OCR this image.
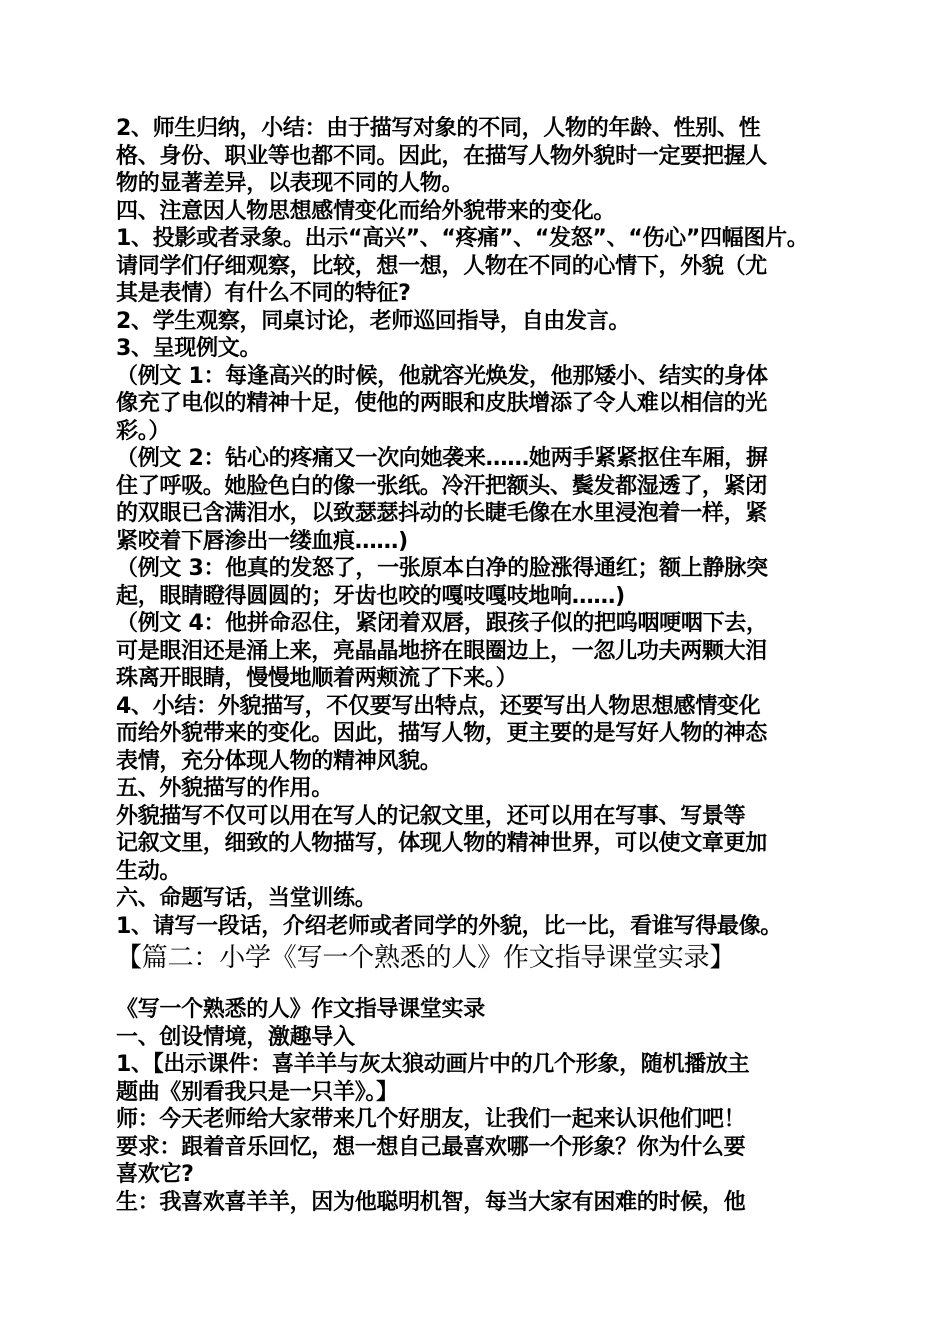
2、师生归纳，小结：由于描写对象的不同，人物的年龄、性别、性
格、身份、职业等也都不同。因此，在描写人物外貌时一定要把握人
物的显著差异，以表现不同的人物。
四、注意因人物思想感情变化而给外貌带来的变化。
1、投影或者录象。出示“高兴”、“疼痛”、“发怒”、“伤心”四幅图片。
请同学们仔细观察，比较，想一想，人物在不同的心情下，外貌（尤
其是表情）有什么不同的特征?
2、学生观察，同桌讨论，老师巡回指导，自由发言。
3、呈现例文。
（例文 1：每逢高兴的时候，他就容光焕发，他那矮小、结实的身体
像充了电似的精神十足，使他的两眼和皮肤增添了令人难以相信的光
彩。）
（例文 2：钻心的疼痛又一次向她袭来……她两手紧紧抠住车厢，摒
住了呼吸。她脸色白的像一张纸。冷汗把额头、鬓发都湿透了，紧闭
的双眼已含满泪水，以致瑟瑟抖动的长睫毛像在水里浸泡着一样，紧
紧咬着下唇渗出一缕血痕……)
（例文 3：他真的发怒了，一张原本白净的脸涨得通红；额上静脉突
起，眼睛瞪得圆圆的；牙齿也咬的嘎吱嘎吱地响……)
（例文 4：他拼命忍住，紧闭着双唇，跟孩子似的把呜咽哽咽下去，
可是眼泪还是涌上来，亮晶晶地挤在眼圈边上，一忽儿功夫两颗大泪
珠离开眼睛，慢慢地顺着两颊流了下来。）
4、小结：外貌描写，不仅要写出特点，还要写出人物思想感情变化
而给外貌带来的变化。因此，描写人物，更主要的是写好人物的神态
表情，充分体现人物的精神风貌。
五、外貌描写的作用。
外貌描写不仅可以用在写人的记叙文里，还可以用在写事、写景等
记叙文里，细致的人物描写，体现人物的精神世界，可以使文章更加
生动。
六、命题写话，当堂训练。
1、请写一段话，介绍老师或者同学的外貌，比一比，看谁写得最像。
【篇二：小学《写一个熟悉的人》作文指导课堂实录】
《写一个熟悉的人》作文指导课堂实录
一、创设情境，激趣导入
1、【出示课件：喜羊羊与灰太狼动画片中的几个形象，随机播放主
题曲《别看我只是一只羊》。】
师：今天老师给大家带来几个好朋友，让我们一起来认识他们吧！
要求：跟着音乐回忆，想一想自己最喜欢哪一个形象？你为什么要
喜欢它?
生：我喜欢喜羊羊，因为他聪明机智，每当大家有困难的时候，他
